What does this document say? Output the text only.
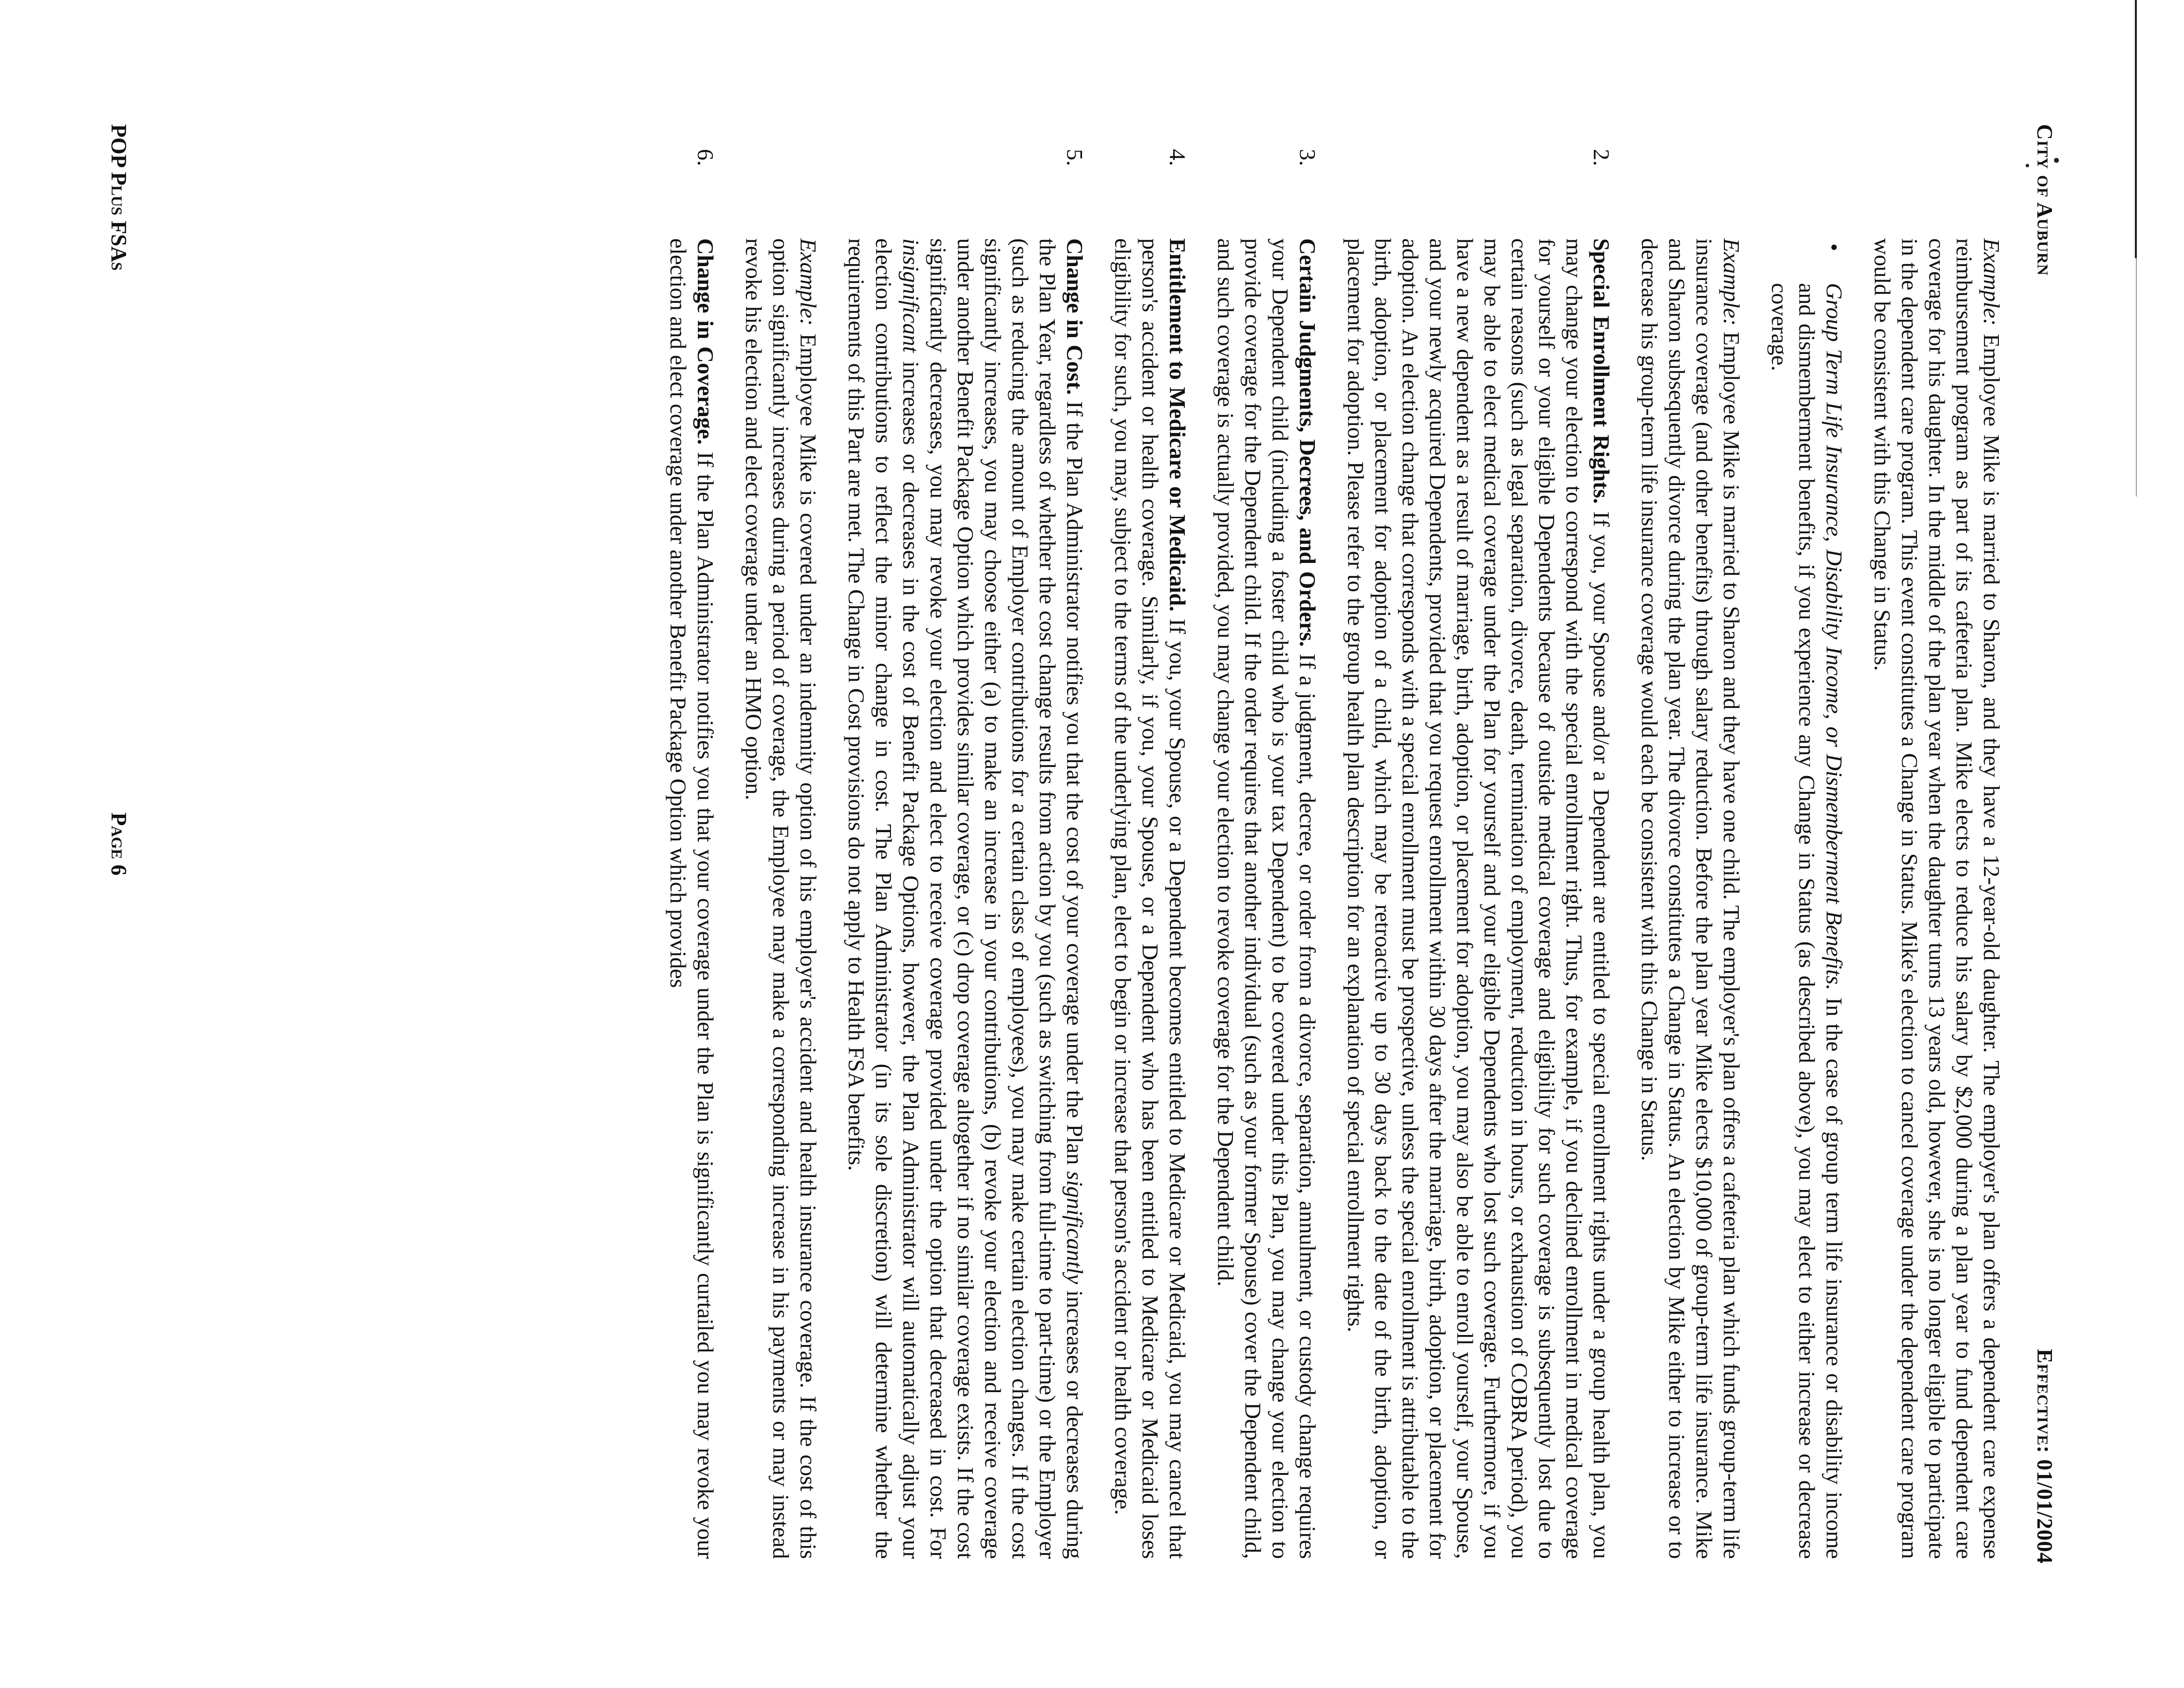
City of Auburn
Effective: 01/01/2004

Example: Employee Mike is married to Sharon, and they have a 12-year-old daughter. The employer's plan offers a dependent care expense reimbursement program as part of its cafeteria plan. Mike elects to reduce his salary by $2,000 during a plan year to fund dependent care coverage for his daughter. In the middle of the plan year when the daughter turns 13 years old, however, she is no longer eligible to participate in the dependent care program. This event constitutes a Change in Status. Mike's election to cancel coverage under the dependent care program would be consistent with this Change in Status.

•
Group Term Life Insurance, Disability Income, or Dismemberment Benefits. In the case of group term life insurance or disability income and dismemberment benefits, if you experience any Change in Status (as described above), you may elect to either increase or decrease coverage.

Example: Employee Mike is married to Sharon and they have one child. The employer's plan offers a cafeteria plan which funds group-term life insurance coverage (and other benefits) through salary reduction. Before the plan year Mike elects $10,000 of group-term life insurance. Mike and Sharon subsequently divorce during the plan year. The divorce constitutes a Change in Status. An election by Mike either to increase or to decrease his group-term life insurance coverage would each be consistent with this Change in Status.

2.
Special Enrollment Rights. If you, your Spouse and/or a Dependent are entitled to special enrollment rights under a group health plan, you may change your election to correspond with the special enrollment right. Thus, for example, if you declined enrollment in medical coverage for yourself or your eligible Dependents because of outside medical coverage and eligibility for such coverage is subsequently lost due to certain reasons (such as legal separation, divorce, death, termination of employment, reduction in hours, or exhaustion of COBRA period), you may be able to elect medical coverage under the Plan for yourself and your eligible Dependents who lost such coverage. Furthermore, if you have a new dependent as a result of marriage, birth, adoption, or placement for adoption, you may also be able to enroll yourself, your Spouse, and your newly acquired Dependents, provided that you request enrollment within 30 days after the marriage, birth, adoption, or placement for adoption. An election change that corresponds with a special enrollment must be prospective, unless the special enrollment is attributable to the birth, adoption, or placement for adoption of a child, which may be retroactive up to 30 days back to the date of the birth, adoption, or placement for adoption. Please refer to the group health plan description for an explanation of special enrollment rights.
3.
Certain Judgments, Decrees, and Orders. If a judgment, decree, or order from a divorce, separation, annulment, or custody change requires your Dependent child (including a foster child who is your tax Dependent) to be covered under this Plan, you may change your election to provide coverage for the Dependent child. If the order requires that another individual (such as your former Spouse) cover the Dependent child, and such coverage is actually provided, you may change your election to revoke coverage for the Dependent child.
4.
Entitlement to Medicare or Medicaid. If you, your Spouse, or a Dependent becomes entitled to Medicare or Medicaid, you may cancel that person's accident or health coverage. Similarly, if you, your Spouse, or a Dependent who has been entitled to Medicare or Medicaid loses eligibility for such, you may, subject to the terms of the underlying plan, elect to begin or increase that person's accident or health coverage.
5.
Change in Cost. If the Plan Administrator notifies you that the cost of your coverage under the Plan significantly increases or decreases during the Plan Year, regardless of whether the cost change results from action by you (such as switching from full-time to part-time) or the Employer (such as reducing the amount of Employer contributions for a certain class of employees), you may make certain election changes. If the cost significantly increases, you may choose either (a) to make an increase in your contributions, (b) revoke your election and receive coverage under another Benefit Package Option which provides similar coverage, or (c) drop coverage altogether if no similar coverage exists. If the cost significantly decreases, you may revoke your election and elect to receive coverage provided under the option that decreased in cost. For insignificant increases or decreases in the cost of Benefit Package Options, however, the Plan Administrator will automatically adjust your election contributions to reflect the minor change in cost. The Plan Administrator (in its sole discretion) will determine whether the requirements of this Part are met. The Change in Cost provisions do not apply to Health FSA benefits.

Example: Employee Mike is covered under an indemnity option of his employer's accident and health insurance coverage. If the cost of this option significantly increases during a period of coverage, the Employee may make a corresponding increase in his payments or may instead revoke his election and elect coverage under an HMO option.

6.
Change in Coverage. If the Plan Administrator notifies you that your coverage under the Plan is significantly curtailed you may revoke your election and elect coverage under another Benefit Package Option which provides
POP Plus FSAs
Page 6
